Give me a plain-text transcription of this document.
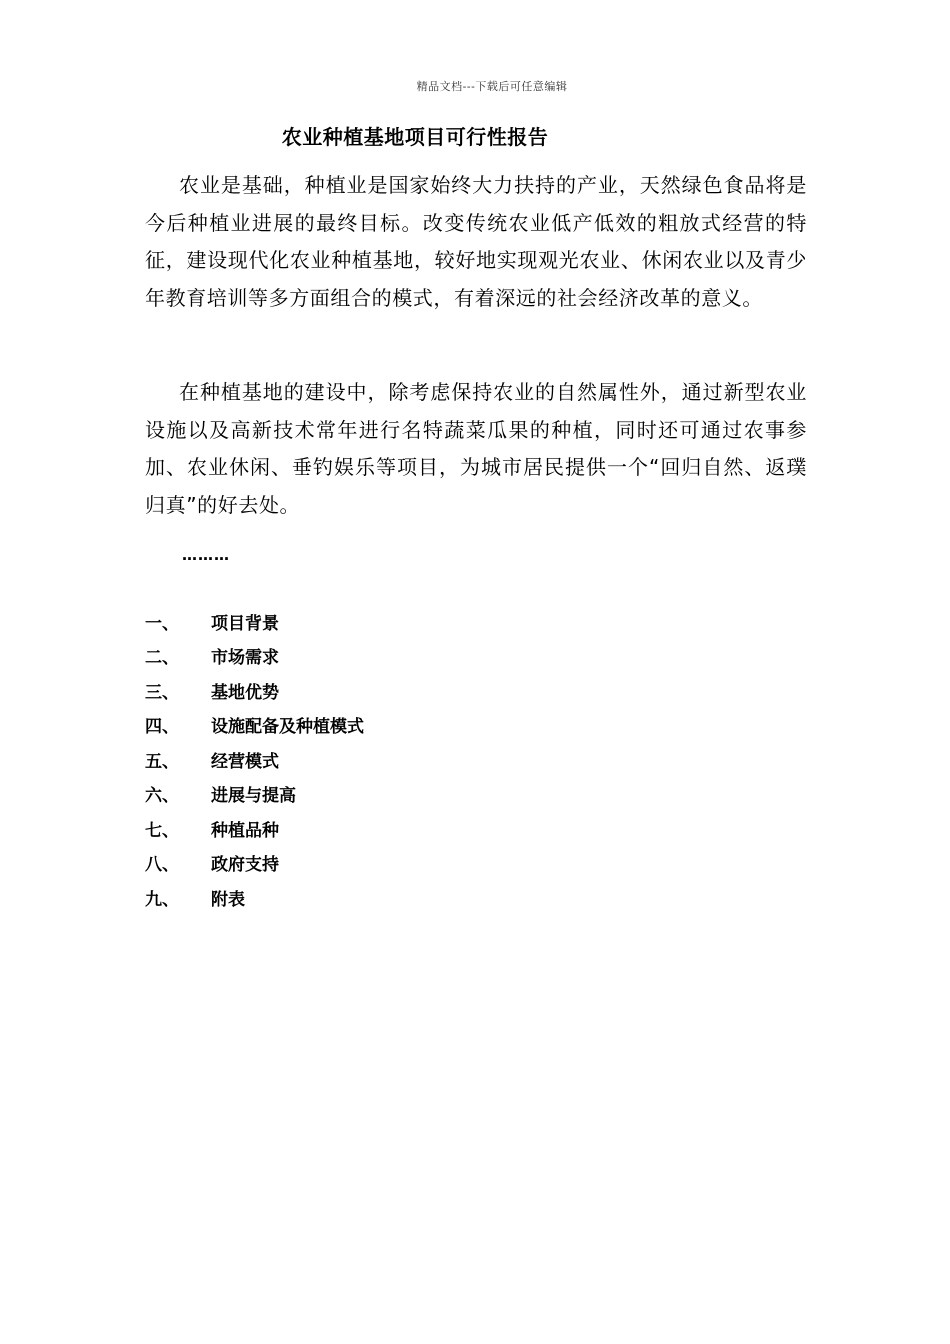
精品文档---下载后可任意编辑
农业种植基地项目可行性报告

农业是基础，种植业是国家始终大力扶持的产业，天然绿色食品将是今后种植业进展的最终目标。改变传统农业低产低效的粗放式经营的特征，建设现代化农业种植基地，较好地实现观光农业、休闲农业以及青少年教育培训等多方面组合的模式，有着深远的社会经济改革的意义。

在种植基地的建设中，除考虑保持农业的自然属性外，通过新型农业设施以及高新技术常年进行名特蔬菜瓜果的种植，同时还可通过农事参加、农业休闲、垂钓娱乐等项目，为城市居民提供一个“回归自然、返璞归真”的好去处。

………
一、	项目背景
二、	市场需求
三、	基地优势
四、	设施配备及种植模式
五、	经营模式
六、	进展与提高
七、	种植品种
八、	政府支持
九、	附表
